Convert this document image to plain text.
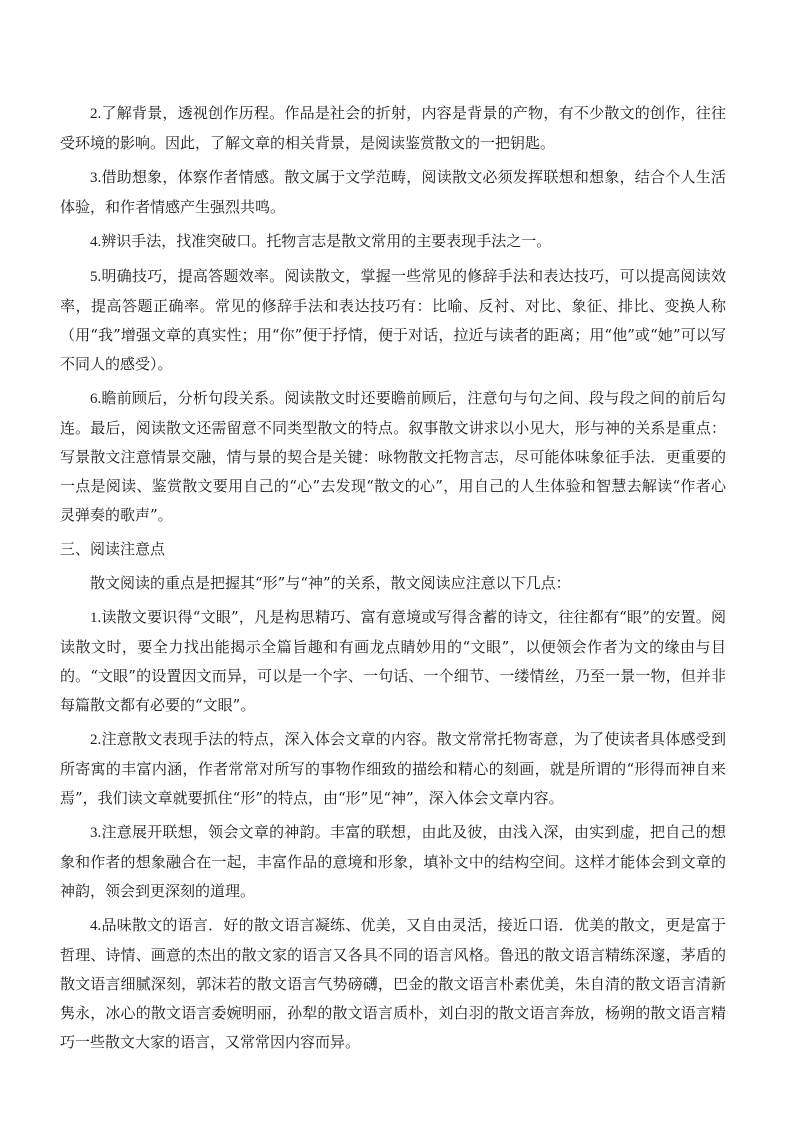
2.了解背景，透视创作历程。作品是社会的折射，内容是背景的产物，有不少散文的创作，往往受环境的影响。因此，了解文章的相关背景，是阅读鉴赏散文的一把钥匙。

3.借助想象，体察作者情感。散文属于文学范畴，阅读散文必须发挥联想和想象，结合个人生活体验，和作者情感产生强烈共鸣。

4.辨识手法，找准突破口。托物言志是散文常用的主要表现手法之一。

5.明确技巧，提高答题效率。阅读散文，掌握一些常见的修辞手法和表达技巧，可以提高阅读效率，提高答题正确率。常见的修辞手法和表达技巧有：比喻、反衬、对比、象征、排比、变换人称（用“我”增强文章的真实性；用“你”便于抒情，便于对话，拉近与读者的距离；用“他”或“她”可以写不同人的感受）。

6.瞻前顾后，分析句段关系。阅读散文时还要瞻前顾后，注意句与句之间、段与段之间的前后勾连。最后，阅读散文还需留意不同类型散文的特点。叙事散文讲求以小见大，形与神的关系是重点：写景散文注意情景交融，情与景的契合是关键：咏物散文托物言志，尽可能体味象征手法．更重要的一点是阅读、鉴赏散文要用自己的“心”去发现“散文的心”，用自己的人生体验和智慧去解读“作者心灵弹奏的歌声”。

三、阅读注意点

散文阅读的重点是把握其“形”与“神”的关系，散文阅读应注意以下几点：

1.读散文要识得“文眼”，凡是构思精巧、富有意境或写得含蓄的诗文，往往都有“眼”的安置。阅读散文时，要全力找出能揭示全篇旨趣和有画龙点睛妙用的“文眼”，以便领会作者为文的缘由与目的。“文眼”的设置因文而异，可以是一个字、一句话、一个细节、一缕情丝，乃至一景一物，但并非每篇散文都有必要的“文眼”。

2.注意散文表现手法的特点，深入体会文章的内容。散文常常托物寄意，为了使读者具体感受到所寄寓的丰富内涵，作者常常对所写的事物作细致的描绘和精心的刻画，就是所谓的“形得而神自来焉”，我们读文章就要抓住“形”的特点，由“形”见“神”，深入体会文章内容。

3.注意展开联想，领会文章的神韵。丰富的联想，由此及彼，由浅入深，由实到虚，把自己的想象和作者的想象融合在一起，丰富作品的意境和形象，填补文中的结构空间。这样才能体会到文章的神韵，领会到更深刻的道理。

4.品味散文的语言．好的散文语言凝练、优美，又自由灵活，接近口语．优美的散文，更是富于哲理、诗情、画意的杰出的散文家的语言又各具不同的语言风格。鲁迅的散文语言精练深邃，茅盾的散文语言细腻深刻，郭沫若的散文语言气势磅礴，巴金的散文语言朴素优美，朱自清的散文语言清新隽永，冰心的散文语言委婉明丽，孙犁的散文语言质朴，刘白羽的散文语言奔放，杨朔的散文语言精巧一些散文大家的语言，又常常因内容而异。
